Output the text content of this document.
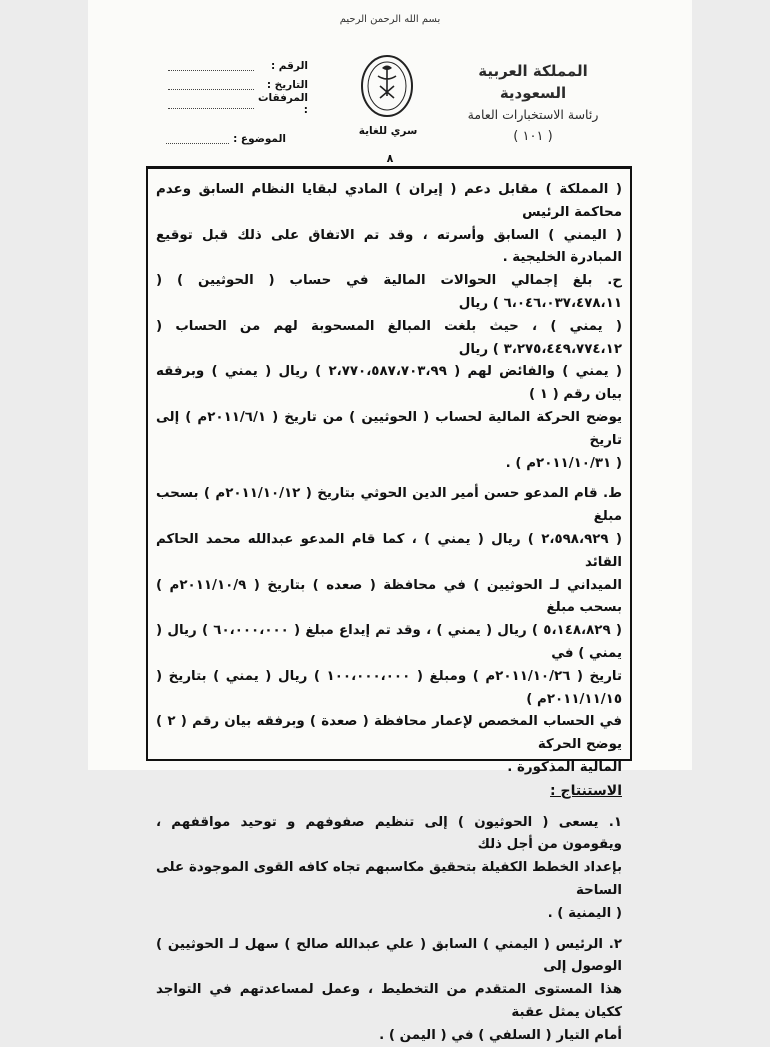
بسم الله الرحمن الرحيم
المملكة العربية السعودية
رئاسة الاستخبارات العامة
( ١٠١ )
سري للغاية
الرقم :
التاريخ :
المرفقات :
الموضوع :
٨

( المملكة ) مقابل دعم ( إيران ) المادي لبقايا النظام السابق وعدم محاكمة الرئيس
( اليمني ) السابق وأسرته ، وقد تم الاتفاق على ذلك قبل توقيع المبادرة الخليجية .

ح. بلغ إجمالي الحوالات المالية في حساب ( الحوثيين ) ( ٦،٠٤٦،٠٣٧،٤٧٨،١١ ) ريال
( يمني ) ، حيث بلغت المبالغ المسحوبة لهم من الحساب ( ٣،٢٧٥،٤٤٩،٧٧٤،١٢ ) ريال
( يمني ) والفائض لهم ( ٢،٧٧٠،٥٨٧،٧٠٣،٩٩ ) ريال ( يمني ) وبرفقه بيان رقم ( ١ )
يوضح الحركة المالية لحساب ( الحوثيين ) من تاريخ ( ٢٠١١/٦/١م ) إلى تاريخ
( ٢٠١١/١٠/٣١م ) .

ط. قام المدعو حسن أمير الدين الحوثي بتاريخ ( ٢٠١١/١٠/١٢م ) بسحب مبلغ
( ٢،٥٩٨،٩٢٩ ) ريال ( يمني ) ، كما قام المدعو عبدالله محمد الحاكم القائد
الميداني لـ الحوثيين ) في محافظة ( صعده ) بتاريخ ( ٢٠١١/١٠/٩م ) بسحب مبلغ
( ٥،١٤٨،٨٢٩ ) ريال ( يمني ) ، وقد تم إيداع مبلغ ( ٦٠،٠٠٠،٠٠٠ ) ريال ( يمني ) في
تاريخ ( ٢٠١١/١٠/٢٦م ) ومبلغ ( ١٠٠،٠٠٠،٠٠٠ ) ريال ( يمني ) بتاريخ ( ٢٠١١/١١/١٥م )
في الحساب المخصص لإعمار محافظة ( صعدة ) وبرفقه بيان رقم ( ٢ ) يوضح الحركة
المالية المذكورة .

الاستنتاج :

١. يسعى ( الحوثيون ) إلى تنظيم صفوفهم و توحيد مواقفهم ، ويقومون من أجل ذلك
بإعداد الخطط الكفيلة بتحقيق مكاسبهم تجاه كافه القوى الموجودة على الساحة
( اليمنية ) .

٢. الرئيس ( اليمني ) السابق ( علي عبدالله صالح ) سهل لـ الحوثيين ) الوصول إلى
هذا المستوى المتقدم من التخطيط ، وعمل لمساعدتهم في التواجد ككيان يمثل عقبة
أمام التيار ( السلفي ) في ( اليمن ) .
